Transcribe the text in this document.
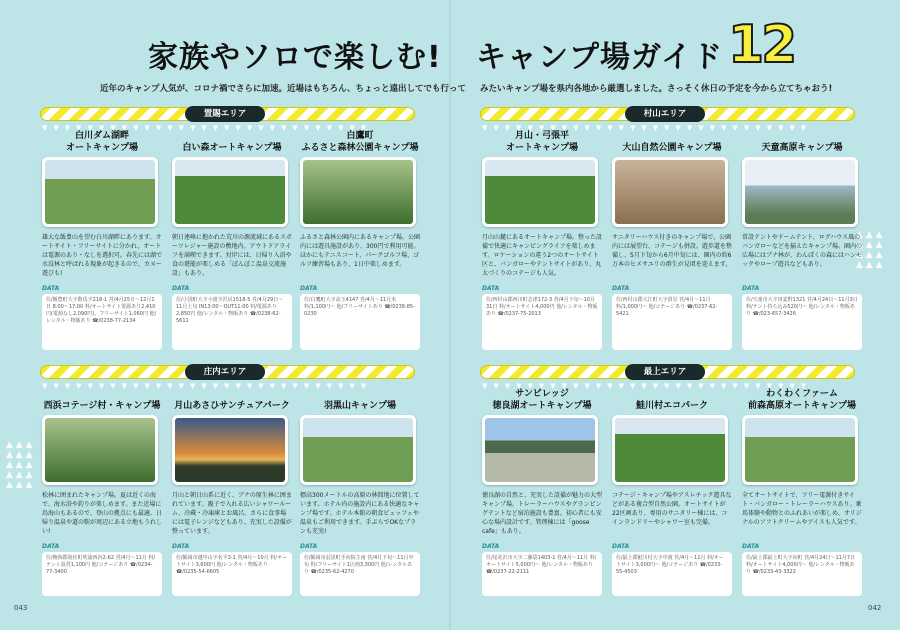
▲ ▲ ▲
▲ ▲ ▲
▲ ▲ ▲
▲ ▲ ▲
▲ ▲ ▲
▲ ▲ ▲
▲ ▲ ▲
▲ ▲ ▲
▲ ▲ ▲
家族やソロで楽しむ! キャンプ場ガイド 12
近年のキャンプ人気が、コロナ禍でさらに加速。近場はもちろん、ちょっと遠出してでも行って みたいキャンプ場を県内各地から厳選しました。さっそく休日の予定を今から立てちゃおう!
置賜エリア
▼▼▼▼▼▼▼▼▼▼▼▼▼▼▼▼▼▼▼▼▼▼▼▼▼▼▼▼▼
村山エリア
▼▼▼▼▼▼▼▼▼▼▼▼▼▼▼▼▼▼▼▼▼▼▼▼▼▼▼▼▼
庄内エリア
▼▼▼▼▼▼▼▼▼▼▼▼▼▼▼▼▼▼▼▼▼▼▼▼▼▼▼▼▼
最上エリア
▼▼▼▼▼▼▼▼▼▼▼▼▼▼▼▼▼▼▼▼▼▼▼▼▼▼▼▼▼
白川ダム湖畔
オートキャンプ場
雄大な飯豊山を望む白川湖畔にあります。オートサイト・フリーサイトに分かれ、オートは電源のあり・なしを選択可。春先には湖で水没林と呼ばれる現象が起きるので、カヌー遊びも!
DATA
住/飯豊町大字数馬字218-1 営/4月25日〜12月1日 8:00〜17:00 料/オートサイト電源あり2,410円(電源なし2,090円)、フリーサイト1,060円 他/レンタル・物販あり ☎/0238-77-2134
白い森オートキャンプ場
朝日連峰に抱かれた荒川の源流域にあるスポーツレジャー施設の敷地内。アウトドアライフを満喫できます。対岸には、日帰り入浴や食の堪能が楽しめる「ぽんぽこ温泉交流施設」もあり。
DATA
住/小国町大字小渡字沢尻1518-5 営/4月29日〜11月上旬 IN13:00〜OUT11:00 料/電源あり2,850円 他/レンタル・物販あり ☎/0238-62-5611
白鷹町
ふるさと森林公園キャンプ場
ふるさと森林公園内にあるキャンプ場。公園内には遊具施設があり、300円で利用可能。ほかにもテニスコート、パークゴルフ場、ゴルフ練習場もあり、1日中楽しめます。
DATA
住/白鷹町大字高玉4147 営/4月〜11月末 料/1,100円〜 他/フリーサイトあり ☎/0238-85-0230
月山・弓張平
オートキャンプ場
月山山麓にあるオートキャンプ場。整った設備で快適にキャンピングライフを楽しめます。ロケーションの違う2つのオートサイト区と、バンガローやテントサイトがあり、丸太づくりのコテージも人気。
DATA
住/西村山郡西川町志津172-3 営/4月下旬〜10月31日 料/オートサイト4,000円 他/レンタル・物販あり ☎/0237-75-2013
大山自然公園キャンプ場
サニタリーハウス付きのキャンプ場で、公園内には展望台、コテージも併設。遊歩道を整備し、5月下旬から6月中旬には、園内の約6万本のヒメサユリの群生が見頃を迎えます。
DATA
住/西村山郡大江町大字貫見 営/4月〜11月 料/1,000円〜 他/コテージあり ☎/0237-62-5421
天童高原キャンプ場
常設テントやドームテント、ログハウス風のバンガローなどを揃えたキャンプ場。園内の広場にはブナ林が、わんぱくの森にはハンモックやロープ遊具などもあり。
DATA
住/天童市大字田麦野1321 営/4月24日〜11月3日 料/テント持ち込み520円〜 他/レンタル・物販あり ☎/023-657-3426
西浜コテージ村・キャンプ場
松林に囲まれたキャンプ場。夏は近くの海で、海水浴や釣りが楽しめます。また近場に鳥海山もあるので、登山の拠点にも最適。日帰り温泉や道の駅が周辺にある立地もうれしい!
DATA
住/飽海郡遊佐町吹浦西浜2-62 営/4月〜11月 料/テント設営1,100円 他/コテージあり ☎/0234-77-3400
月山あさひサンチュアパーク
月山と朝日山系に近く、ブナの原生林に囲まれています。親子で入れる広いシャワールーム、冷蔵・冷凍庫とお風呂、さらに食事場には電子レンジなどもあり、充実した設備が整っています。
DATA
住/鶴岡市越中山字名平3-1 営/4月〜10月 料/オートサイト3,600円 他/レンタル・物販あり ☎/0235-54-6605
羽黒山キャンプ場
標高300メートルの高原の林間地に位置しています。ホテル内の施設内にある快適なキャンプ場です。ホテル本館の朝食ビュッフェや温泉もご利用できます。手ぶらでOKなプランも充実!
DATA
住/鶴岡市羽黒町手向院主南 営/4月下旬〜11月中旬 料/フリーサイト1区画3,300円 他/レンタルあり ☎/0235-62-4270
サンビレッジ
徳良湖オートキャンプ場
徳良湖の自然と、充実した設備が魅力の大型キャンプ場。トレーラーハウスやグランピングテントなど宿泊施設も豊富。初心者にも安心な場内設計です。管理棟には「goose cafe」もあり。
DATA
住/尾花沢市大字二藤袋1403-1 営/4月〜11月 料/オートサイト5,000円〜 他/レンタル・物販あり ☎/0237-22-2111
鮭川村エコパーク
コテージ・キャンプ場やアスレチック遊具などがある複合型自然公園。オートサイトが22区画あり、専用のサニタリー棟には、コインランドリーやシャワー室も完備。
DATA
住/最上郡鮭川村大字中渡 営/4月〜11月 料/オートサイト3,000円〜 他/コテージあり ☎/0233-55-4503
わくわくファーム
前森高原オートキャンプ場
全てオートサイトで、フリー電源付きサイト・バンガロー・トレーラーハウスあり。乗馬体験や動物とのふれあいが楽しめ、オリジナルのソフトクリームやアイスも人気です。
DATA
住/最上郡最上町大字向町 営/4月24日〜11月7日 料/オートサイト4,000円〜 他/レンタル・物販あり ☎/0233-43-3322
043	042
